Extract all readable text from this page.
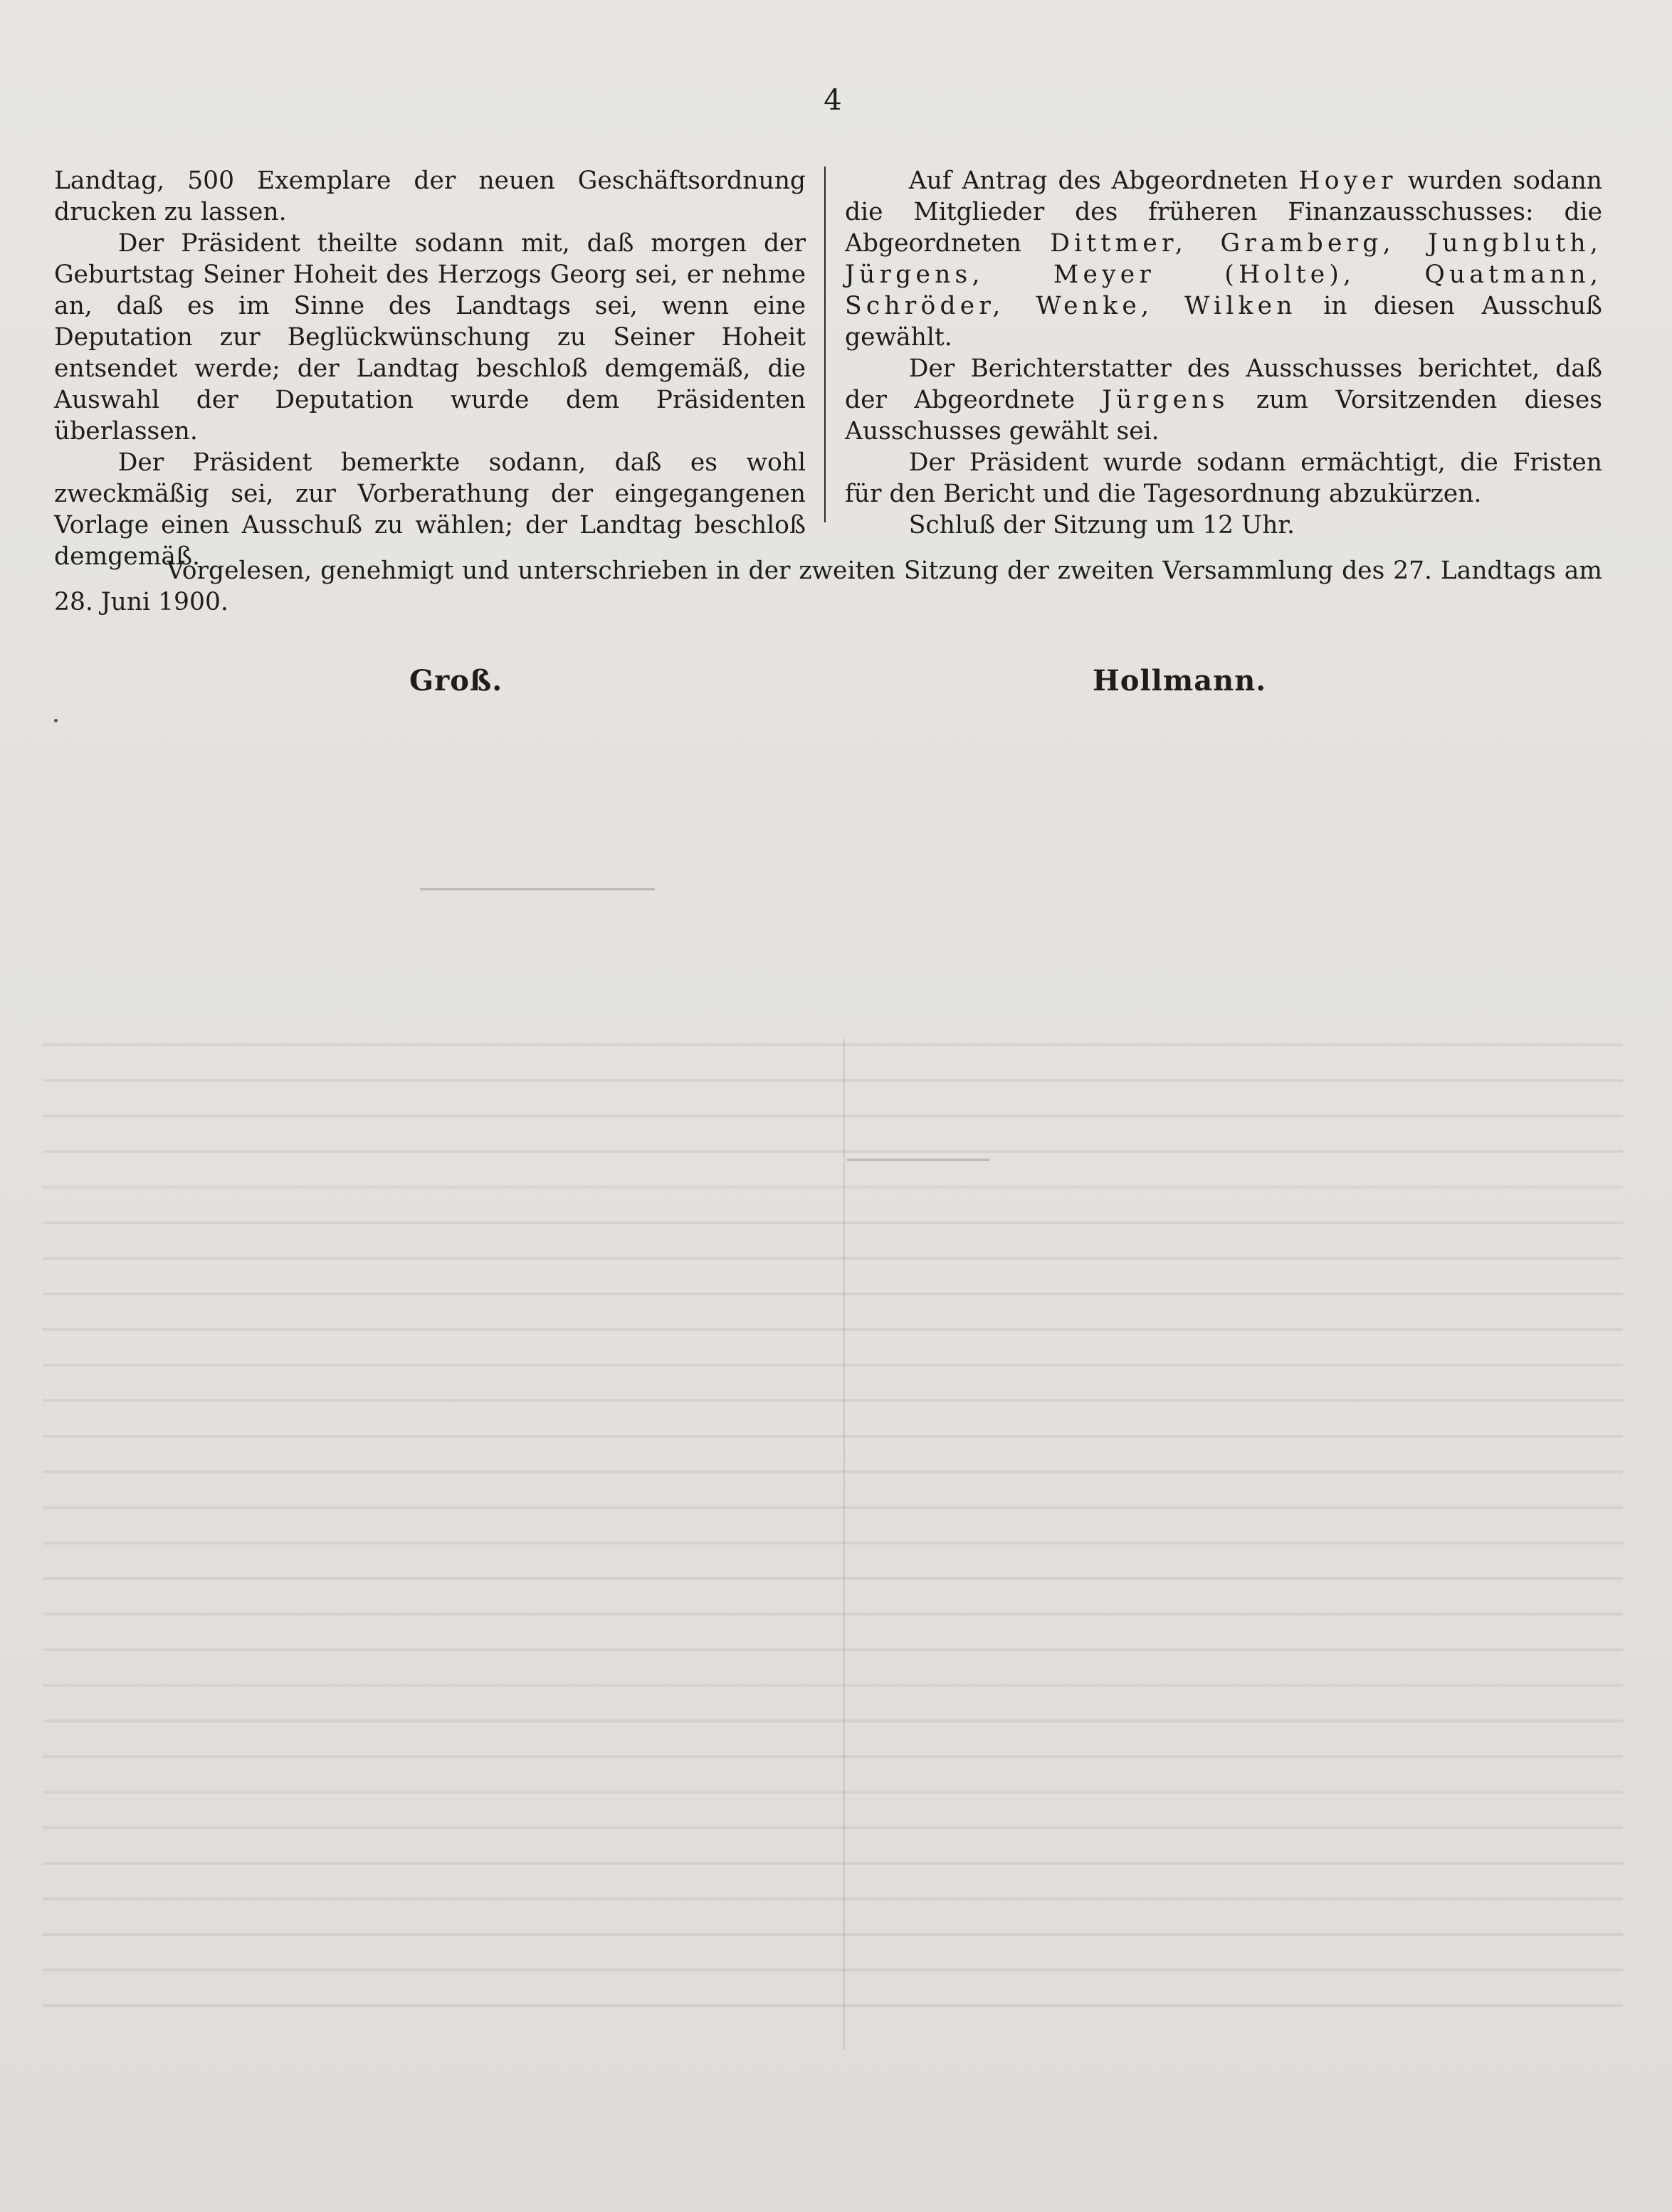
4

Landtag, 500 Exemplare der neuen Geschäftsordnung drucken zu lassen.

Der Präsident theilte sodann mit, daß morgen der Geburtstag Seiner Hoheit des Herzogs Georg sei, er nehme an, daß es im Sinne des Landtags sei, wenn eine Deputation zur Beglückwünschung zu Seiner Hoheit entsendet werde; der Landtag beschloß demgemäß, die Auswahl der Deputation wurde dem Präsidenten überlassen.

Der Präsident bemerkte sodann, daß es wohl zweckmäßig sei, zur Vorberathung der eingegangenen Vorlage einen Ausschuß zu wählen; der Landtag beschloß demgemäß.

Auf Antrag des Abgeordneten Hoyer wurden sodann die Mitglieder des früheren Finanzausschusses: die Abgeordneten Dittmer, Gramberg, Jungbluth, Jürgens, Meyer (Holte), Quatmann, Schröder, Wenke, Wilken in diesen Ausschuß gewählt.

Der Berichterstatter des Ausschusses berichtet, daß der Abgeordnete Jürgens zum Vorsitzenden dieses Ausschusses gewählt sei.

Der Präsident wurde sodann ermächtigt, die Fristen für den Bericht und die Tagesordnung abzukürzen.

Schluß der Sitzung um 12 Uhr.

Vorgelesen, genehmigt und unterschrieben in der zweiten Sitzung der zweiten Versammlung des 27. Landtags am 28. Juni 1900.
Groß.	Hollmann.
